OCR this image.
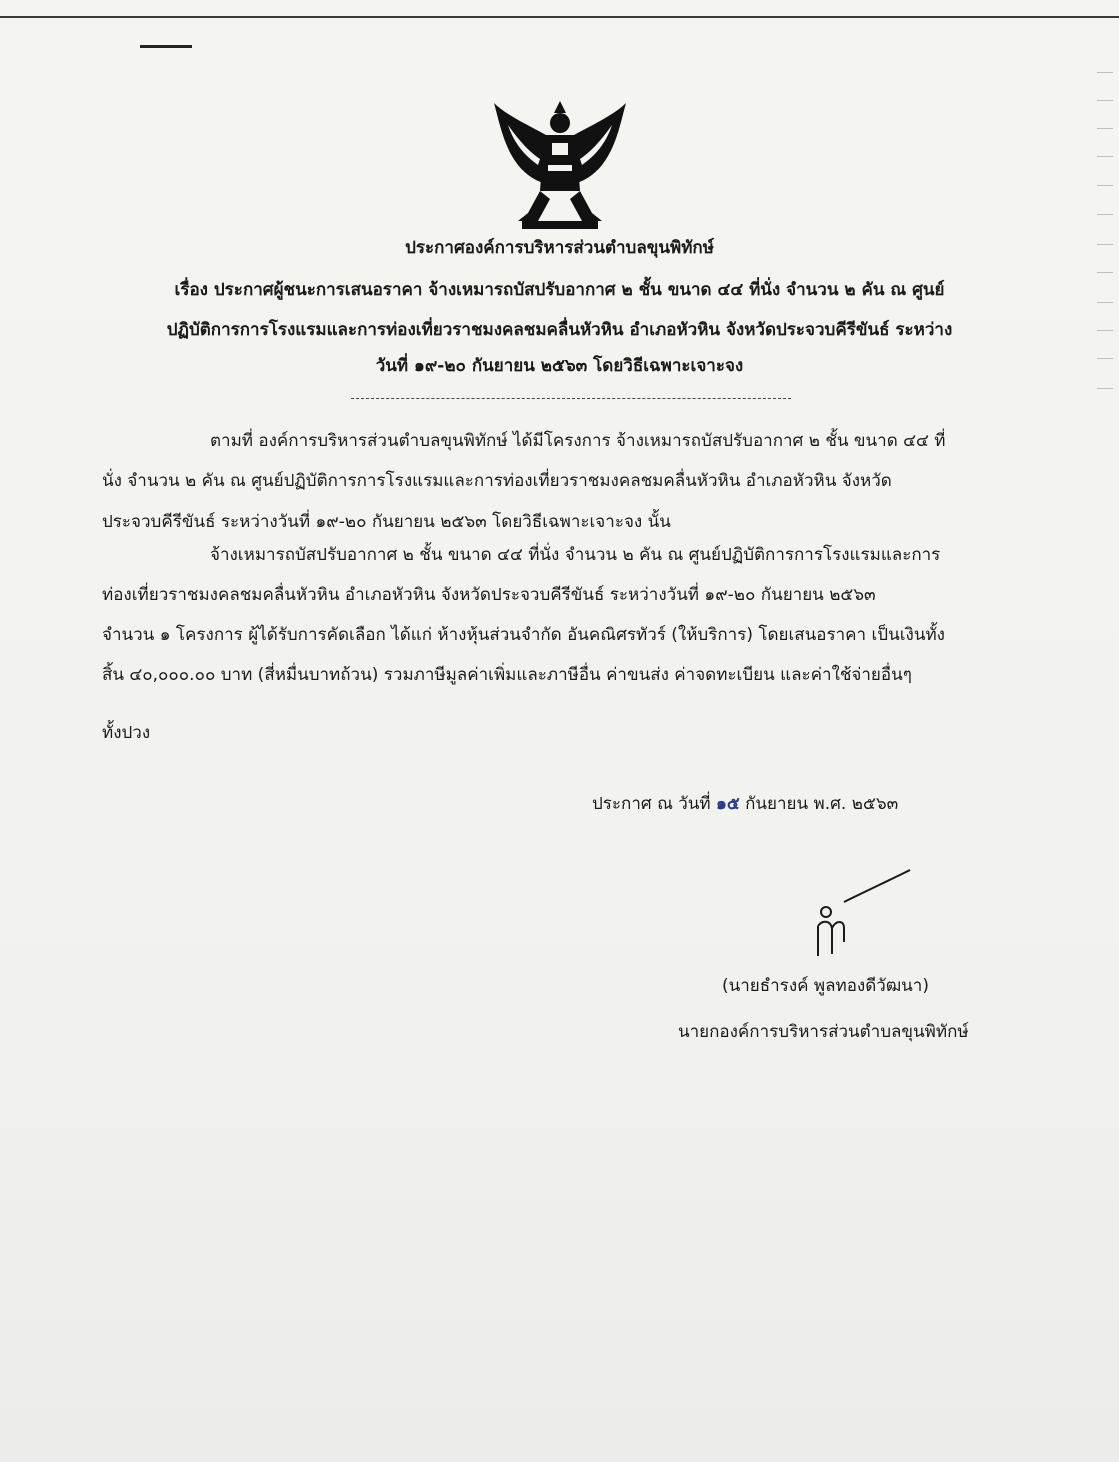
ประกาศองค์การบริหารส่วนตำบลขุนพิทักษ์
เรื่อง ประกาศผู้ชนะการเสนอราคา จ้างเหมารถบัสปรับอากาศ ๒ ชั้น ขนาด ๔๔ ที่นั่ง จำนวน ๒ คัน ณ ศูนย์
ปฏิบัติการการโรงแรมและการท่องเที่ยวราชมงคลชมคลื่นหัวหิน อำเภอหัวหิน จังหวัดประจวบคีรีขันธ์ ระหว่าง
วันที่ ๑๙-๒๐ กันยายน ๒๕๖๓ โดยวิธีเฉพาะเจาะจง
ตามที่ องค์การบริหารส่วนตำบลขุนพิทักษ์ ได้มีโครงการ จ้างเหมารถบัสปรับอากาศ ๒ ชั้น ขนาด ๔๔ ที่
นั่ง จำนวน ๒ คัน ณ ศูนย์ปฏิบัติการการโรงแรมและการท่องเที่ยวราชมงคลชมคลื่นหัวหิน อำเภอหัวหิน จังหวัด
ประจวบคีรีขันธ์ ระหว่างวันที่ ๑๙-๒๐ กันยายน ๒๕๖๓ โดยวิธีเฉพาะเจาะจง นั้น
จ้างเหมารถบัสปรับอากาศ ๒ ชั้น ขนาด ๔๔ ที่นั่ง จำนวน ๒ คัน ณ ศูนย์ปฏิบัติการการโรงแรมและการ
ท่องเที่ยวราชมงคลชมคลื่นหัวหิน อำเภอหัวหิน จังหวัดประจวบคีรีขันธ์ ระหว่างวันที่ ๑๙-๒๐ กันยายน ๒๕๖๓
จำนวน ๑ โครงการ ผู้ได้รับการคัดเลือก ได้แก่ ห้างหุ้นส่วนจำกัด อันคณิศรทัวร์ (ให้บริการ) โดยเสนอราคา เป็นเงินทั้ง
สิ้น ๔๐,๐๐๐.๐๐ บาท (สี่หมื่นบาทถ้วน) รวมภาษีมูลค่าเพิ่มและภาษีอื่น ค่าขนส่ง ค่าจดทะเบียน และค่าใช้จ่ายอื่นๆ
ทั้งปวง
ประกาศ ณ วันที่ ๑๕ กันยายน พ.ศ. ๒๕๖๓
(นายธำรงค์ พูลทองดีวัฒนา)
นายกองค์การบริหารส่วนตำบลขุนพิทักษ์
